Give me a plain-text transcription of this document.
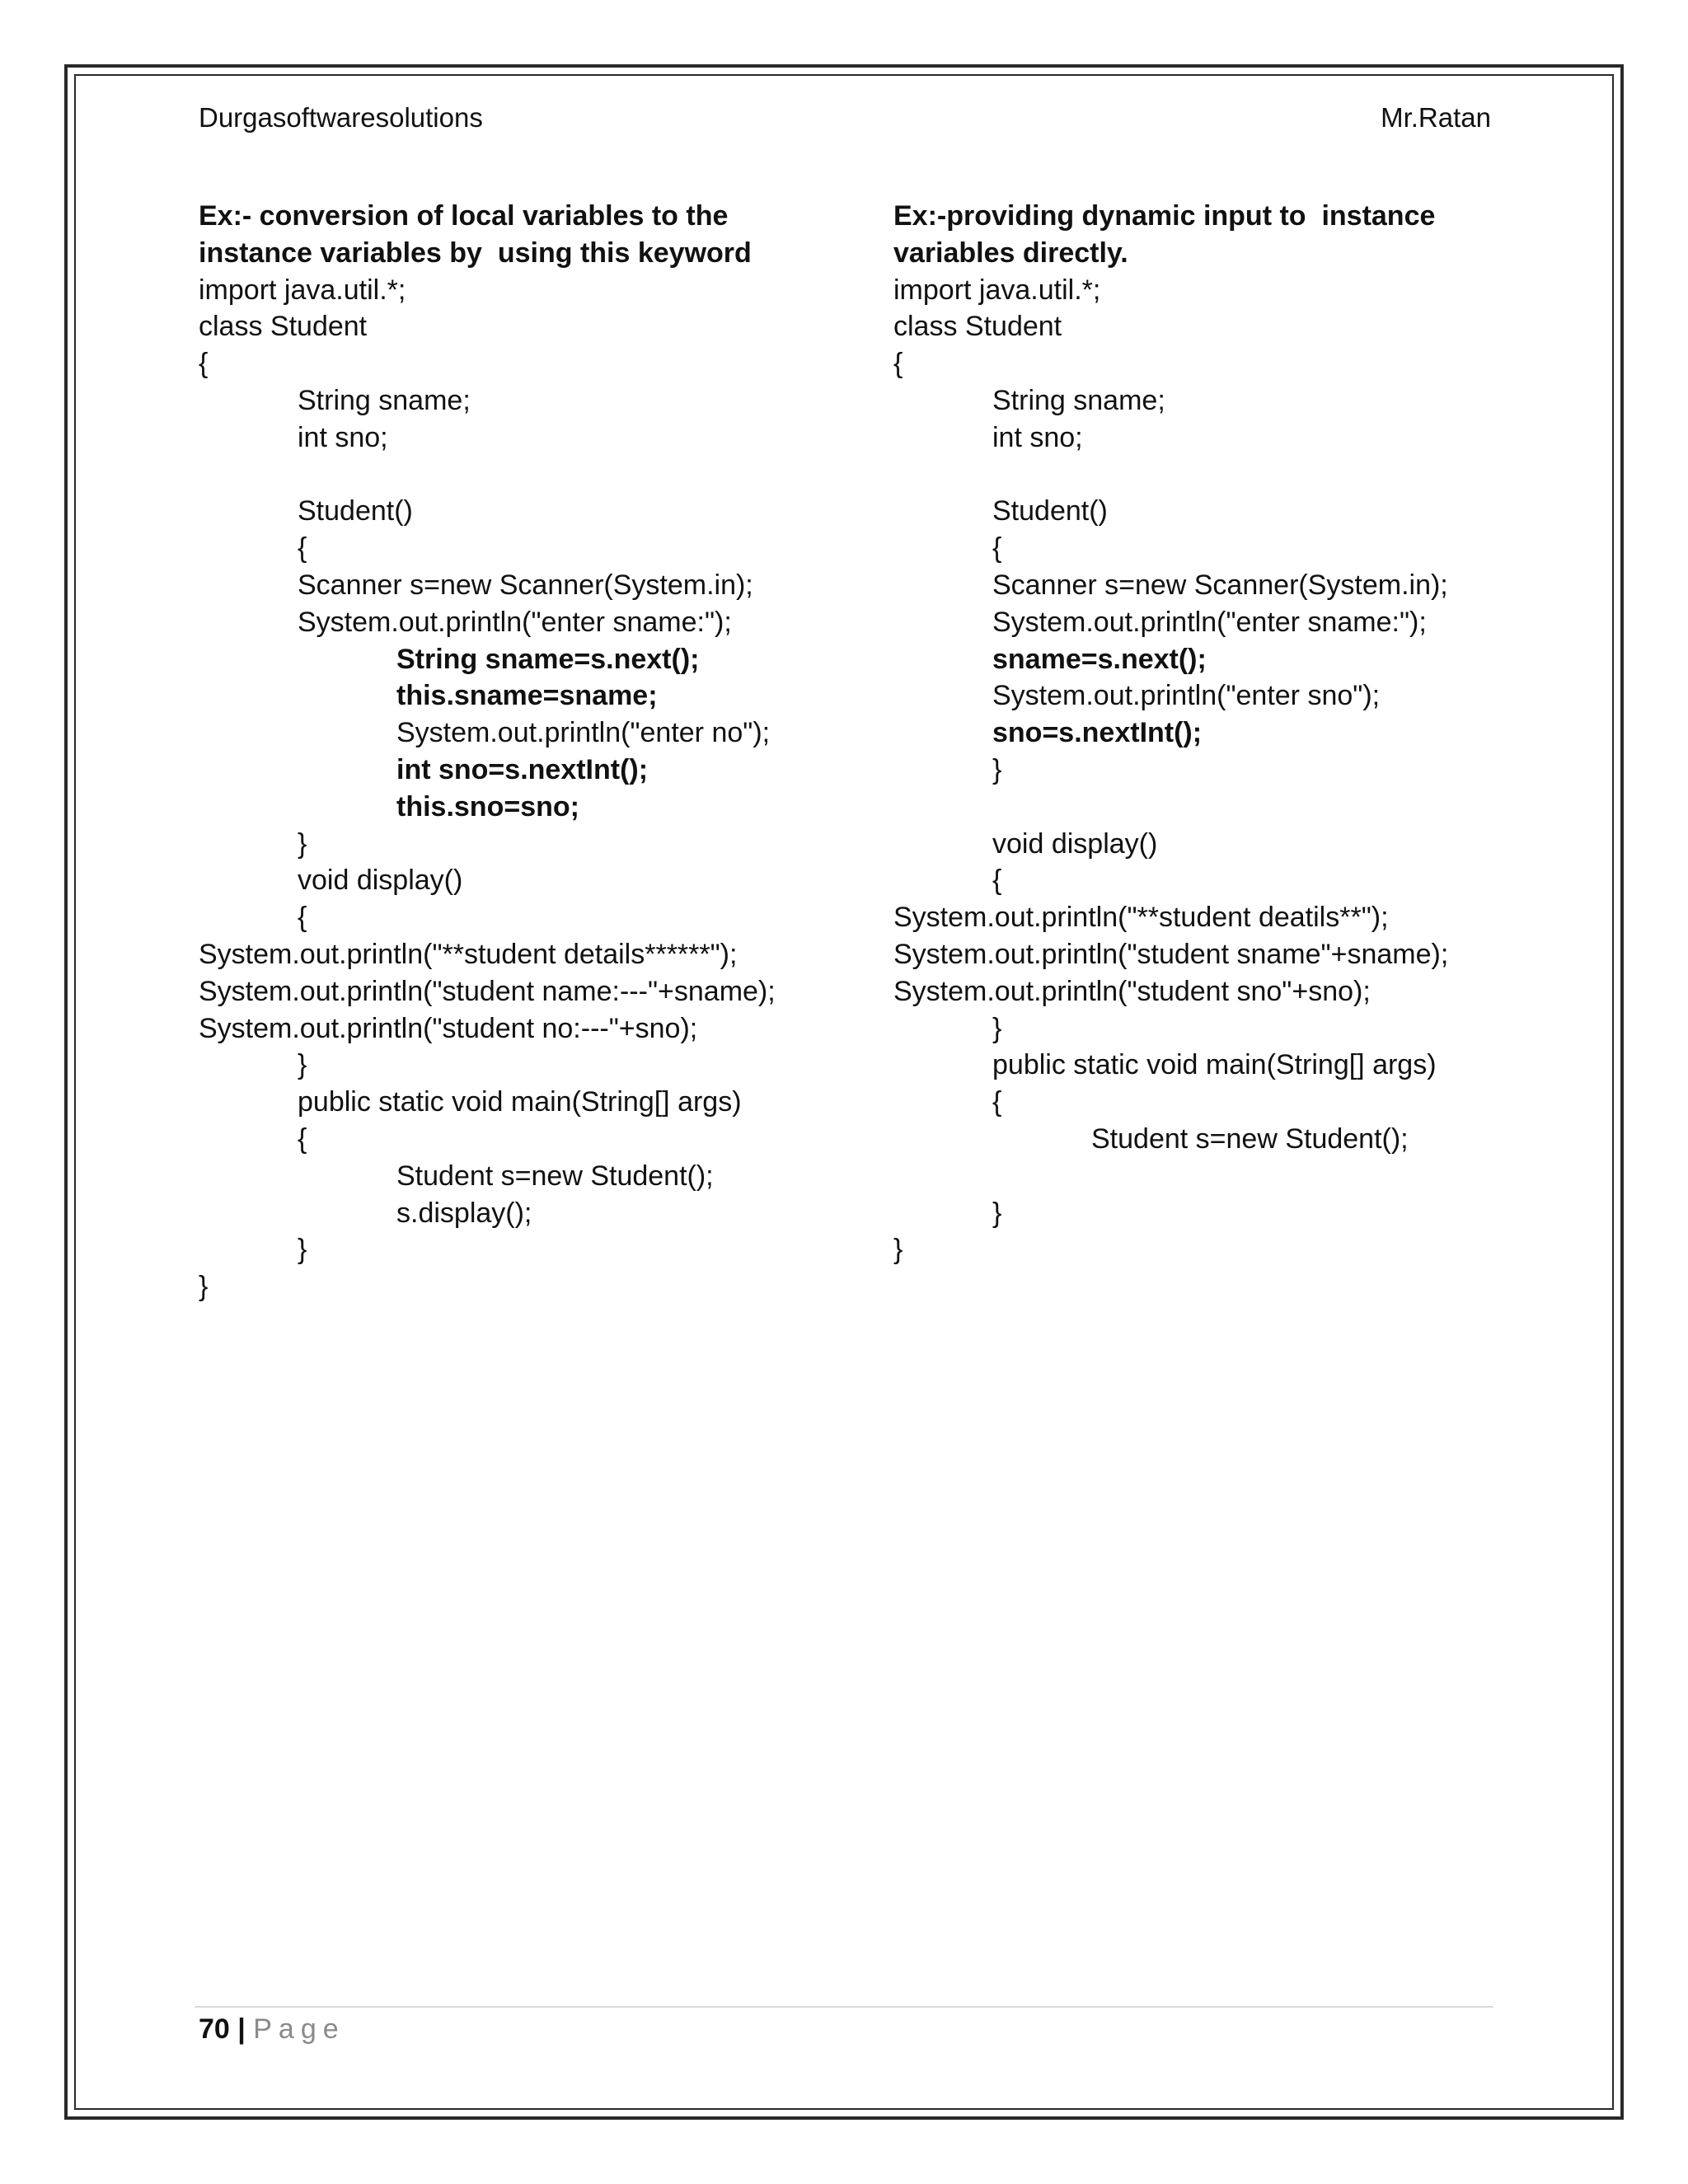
Durgasoftwaresolutions	Mr.Ratan
Ex:- conversion of local variables to the
instance variables by  using this keyword
import java.util.*;
class Student
{
String sname;
int sno;
Student()
{
Scanner s=new Scanner(System.in);
System.out.println("enter sname:");
String sname=s.next();
this.sname=sname;
System.out.println("enter no");
int sno=s.nextInt();
this.sno=sno;
}
void display()
{
System.out.println("**student details******");
System.out.println("student name:---"+sname);
System.out.println("student no:---"+sno);
}
public static void main(String[] args)
{
Student s=new Student();
s.display();
}
}
Ex:-providing dynamic input to  instance
variables directly.
import java.util.*;
class Student
{
String sname;
int sno;
Student()
{
Scanner s=new Scanner(System.in);
System.out.println("enter sname:");
sname=s.next();
System.out.println("enter sno");
sno=s.nextInt();
}
void display()
{
System.out.println("**student deatils**");
System.out.println("student sname"+sname);
System.out.println("student sno"+sno);
}
public static void main(String[] args)
{
Student s=new Student();
}
}
70 | Page
